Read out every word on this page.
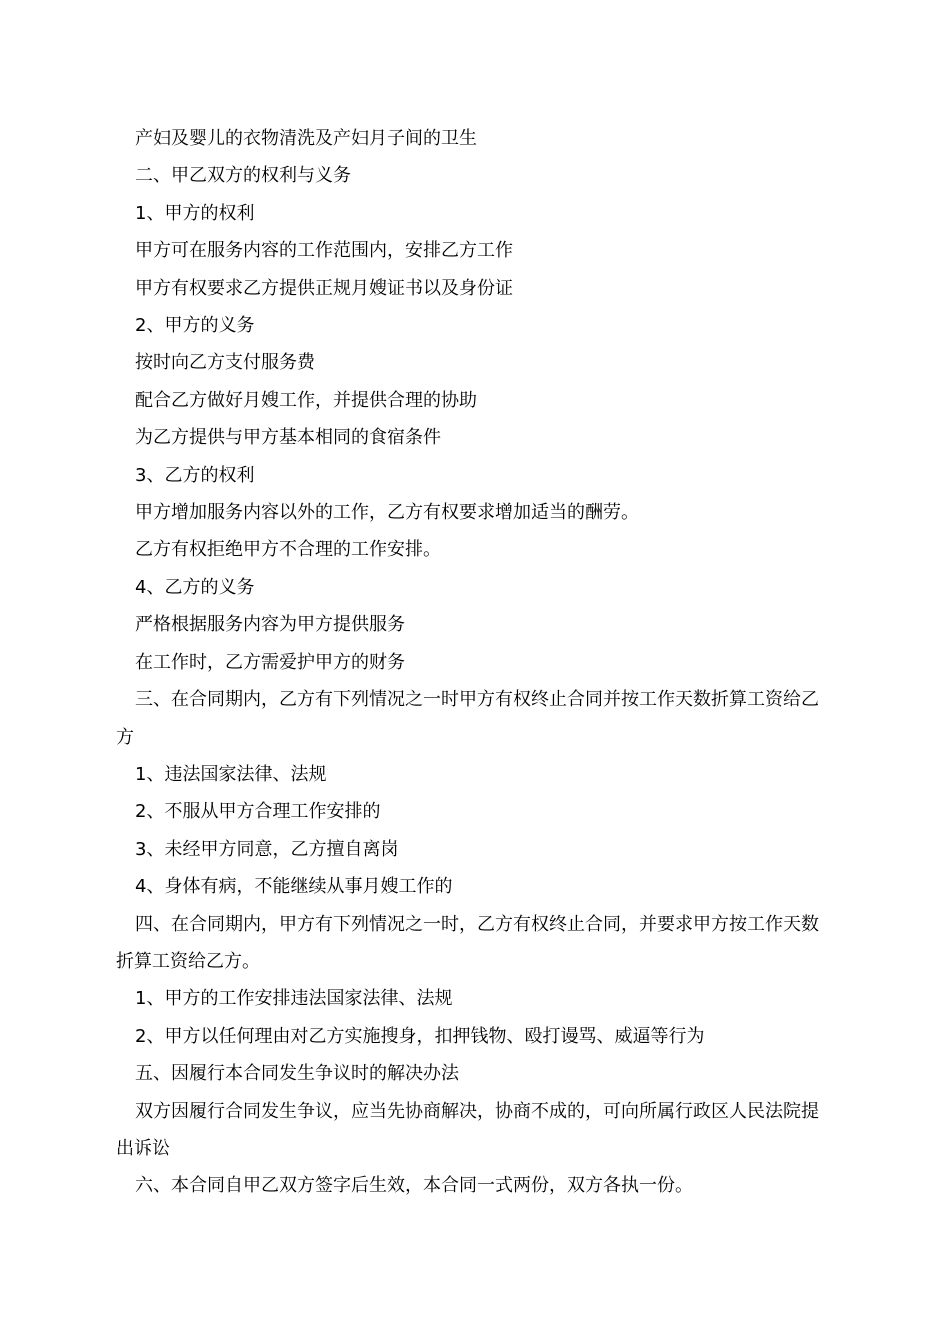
产妇及婴儿的衣物清洗及产妇月子间的卫生

二、甲乙双方的权利与义务

1、甲方的权利

甲方可在服务内容的工作范围内，安排乙方工作

甲方有权要求乙方提供正规月嫂证书以及身份证

2、甲方的义务

按时向乙方支付服务费

配合乙方做好月嫂工作，并提供合理的协助

为乙方提供与甲方基本相同的食宿条件

3、乙方的权利

甲方增加服务内容以外的工作，乙方有权要求增加适当的酬劳。

乙方有权拒绝甲方不合理的工作安排。

4、乙方的义务

严格根据服务内容为甲方提供服务

在工作时，乙方需爱护甲方的财务

三、在合同期内，乙方有下列情况之一时甲方有权终止合同并按工作天数折算工资给乙方

1、违法国家法律、法规

2、不服从甲方合理工作安排的

3、未经甲方同意，乙方擅自离岗

4、身体有病，不能继续从事月嫂工作的

四、在合同期内，甲方有下列情况之一时，乙方有权终止合同，并要求甲方按工作天数折算工资给乙方。

1、甲方的工作安排违法国家法律、法规

2、甲方以任何理由对乙方实施搜身，扣押钱物、殴打谩骂、威逼等行为

五、因履行本合同发生争议时的解决办法

双方因履行合同发生争议，应当先协商解决，协商不成的，可向所属行政区人民法院提出诉讼

六、本合同自甲乙双方签字后生效，本合同一式两份，双方各执一份。
